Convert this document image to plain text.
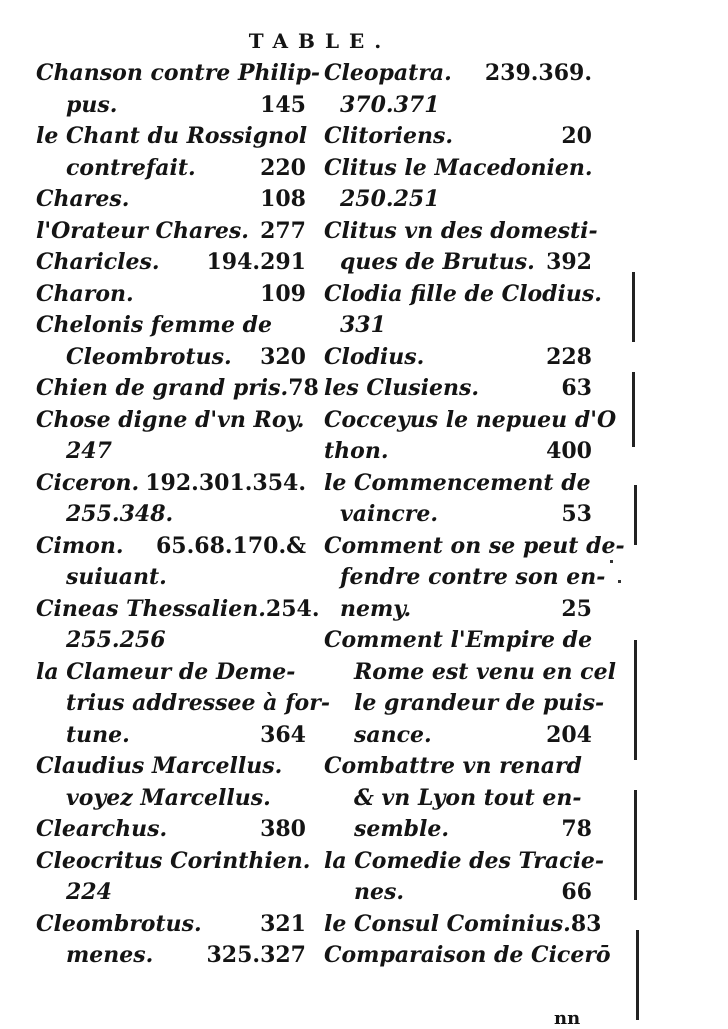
TABLE.
Chanson contre Philip-
pus.	145
le Chant du Rossignol
contrefait.	220
Chares.	108
l'Orateur Chares. 277
Charicles. 194.291
Charon.	109
Chelonis femme de
Cleombrotus. 320
Chien de grand pris. 78
Chose digne d'vn Roy.
247
Ciceron. 192.301.354.
255.348.
Cimon. 65.68.170.&
suiuant.
Cineas Thessalien. 254.
255.256
la Clameur de Deme-
trius addressee à for-
tune.	364
Claudius Marcellus.
voyez Marcellus.
Clearchus.	380
Cleocritus Corinthien.
224
Cleombrotus.	321
menes. 325.327
Cleopatra. 239.369.
370.371
Clitoriens.	20
Clitus le Macedonien.
250.251
Clitus vn des domesti-
ques de Brutus. 392
Clodia fille de Clodius.
331
Clodius.	228
les Clusiens.	63
Cocceyus le nepueu d'O
thon.	400
le Commencement de
vaincre.	53
Comment on se peut de-
fendre contre son en-
nemy.	25
Comment l'Empire de
Rome est venu en cel
le grandeur de puis-
sance.	204
Combattre vn renard
& vn Lyon tout en-
semble.	78
la Comedie des Tracie-
nes.	66
le Consul Cominius. 83
Comparaison de Cicerō
nn
